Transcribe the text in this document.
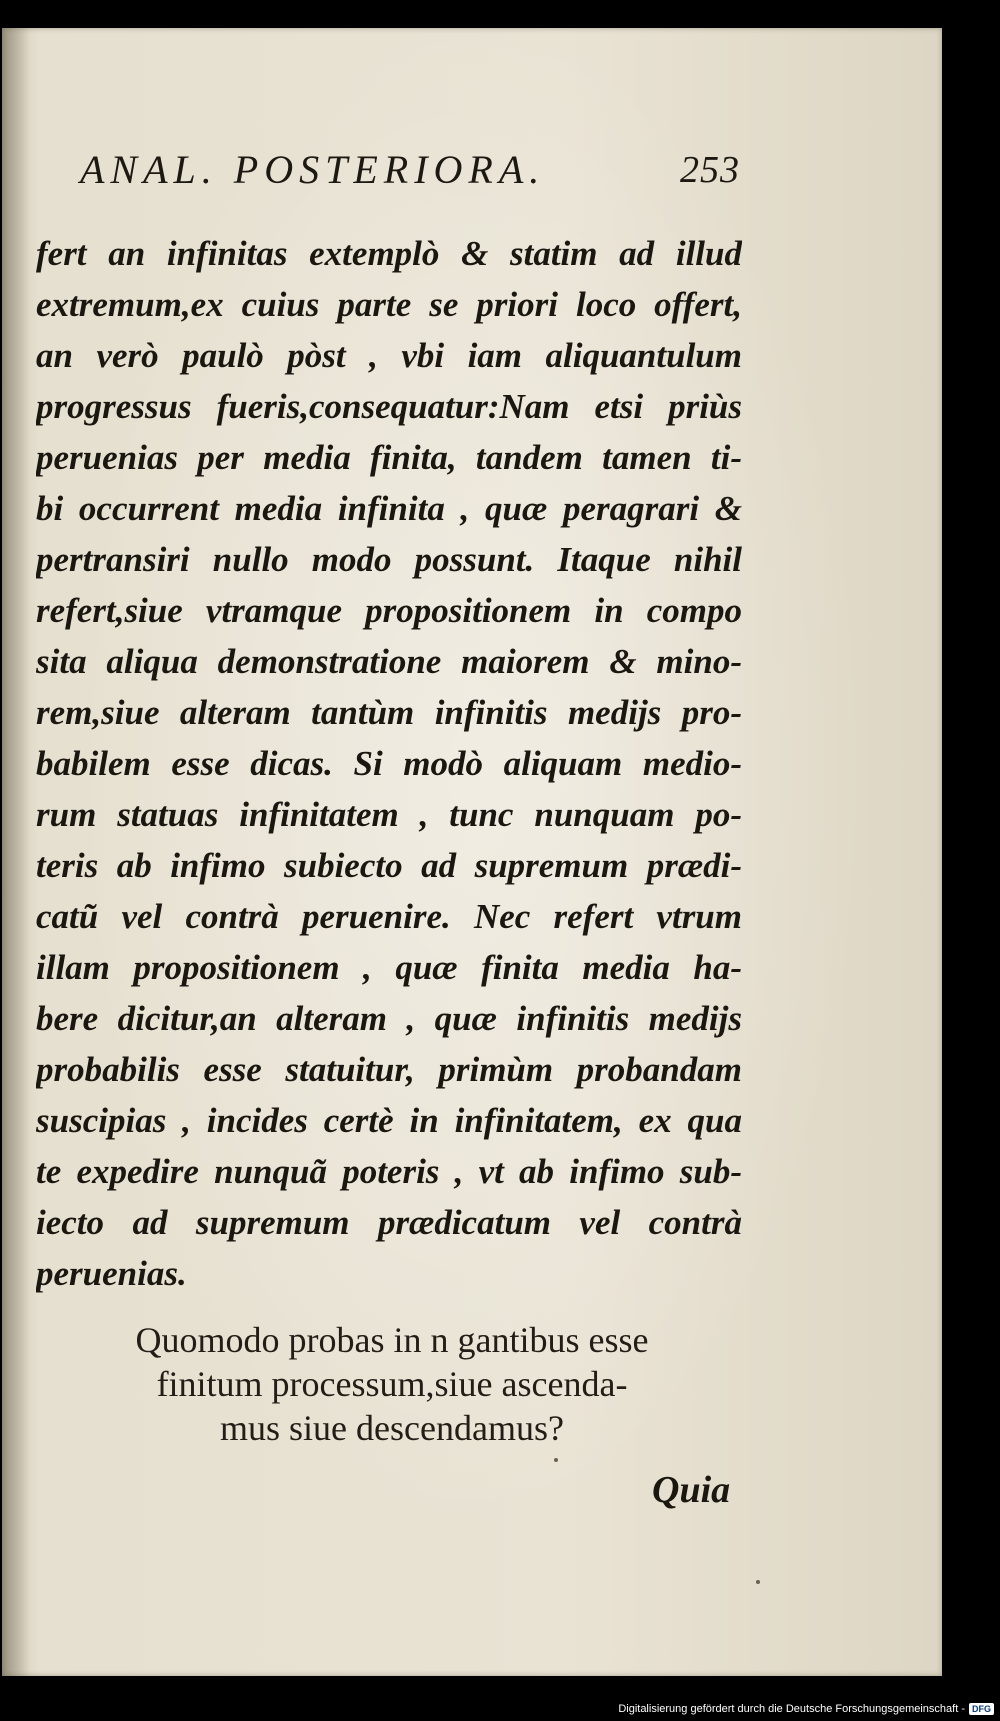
ANAL. POSTERIORA.	253
fert an infinitas extemplò & statim ad illud
extremum,ex cuius parte se priori loco offert,
an verò paulò pòst , vbi iam aliquantulum
progressus fueris,consequatur:Nam etsi priùs
peruenias per media finita, tandem tamen ti-
bi occurrent media infinita , quæ peragrari &
pertransiri nullo modo possunt. Itaque nihil
refert,siue vtramque propositionem in compo
sita aliqua demonstratione maiorem & mino-
rem,siue alteram tantùm infinitis medijs pro-
babilem esse dicas. Si modò aliquam medio-
rum statuas infinitatem , tunc nunquam po-
teris ab infimo subiecto ad supremum prædi-
catũ vel contrà peruenire. Nec refert vtrum
illam propositionem , quæ finita media ha-
bere dicitur,an alteram , quæ infinitis medijs
probabilis esse statuitur, primùm probandam
suscipias , incides certè in infinitatem, ex qua
te expedire nunquã poteris , vt ab infimo sub-
iecto ad supremum prædicatum vel contrà
peruenias.
Quomodo probas in n gantibus esse
finitum processum,siue ascenda-
mus siue descendamus?
Quia
Digitalisierung gefördert durch die Deutsche Forschungsgemeinschaft - DFG
